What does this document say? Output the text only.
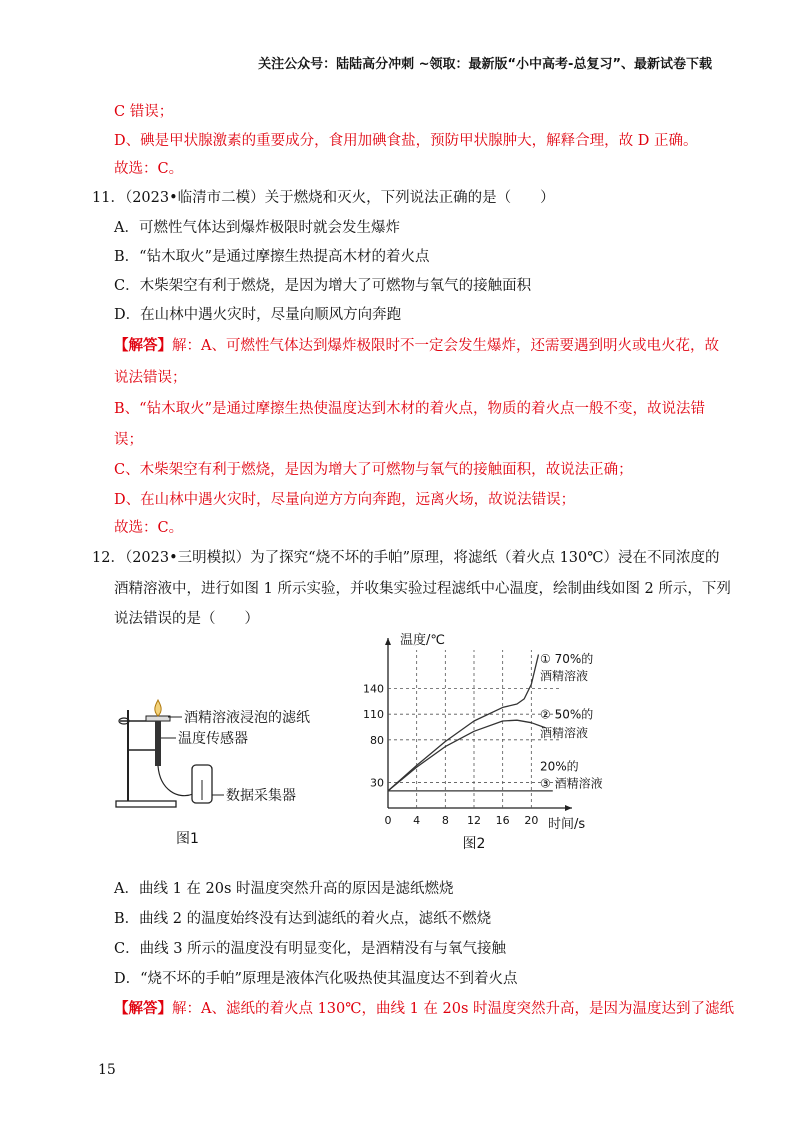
关注公众号：陆陆高分冲刺 ~领取：最新版“小中高考-总复习”、最新试卷下载
C 错误；
D、碘是甲状腺激素的重要成分，食用加碘食盐，预防甲状腺肿大，解释合理，故 D 正确。
故选：C。
11．（2023•临清市二模）关于燃烧和灭火，下列说法正确的是（　　）
A．可燃性气体达到爆炸极限时就会发生爆炸
B．“钻木取火”是通过摩擦生热提高木材的着火点
C．木柴架空有利于燃烧，是因为增大了可燃物与氧气的接触面积
D．在山林中遇火灾时，尽量向顺风方向奔跑
【解答】解：A、可燃性气体达到爆炸极限时不一定会发生爆炸，还需要遇到明火或电火花，故
说法错误；
B、“钻木取火”是通过摩擦生热使温度达到木材的着火点，物质的着火点一般不变，故说法错
误；
C、木柴架空有利于燃烧，是因为增大了可燃物与氧气的接触面积，故说法正确；
D、在山林中遇火灾时，尽量向逆方方向奔跑，远离火场，故说法错误；
故选：C。
12．（2023•三明模拟）为了探究“烧不坏的手帕”原理，将滤纸（着火点 130℃）浸在不同浓度的
酒精溶液中，进行如图 1 所示实验，并收集实验过程滤纸中心温度，绘制曲线如图 2 所示，下列
说法错误的是（　　）
酒精溶液浸泡的滤纸
温度传感器
数据采集器
图1
0 4 8 12 16 20
30
80
110
140
温度/℃
时间/s
① 70%的
酒精溶液
② 50%的
酒精溶液
20%的
③ 酒精溶液
图2
A．曲线 1 在 20s 时温度突然升高的原因是滤纸燃烧
B．曲线 2 的温度始终没有达到滤纸的着火点，滤纸不燃烧
C．曲线 3 所示的温度没有明显变化，是酒精没有与氧气接触
D．“烧不坏的手帕”原理是液体汽化吸热使其温度达不到着火点
【解答】解：A、滤纸的着火点 130℃，曲线 1 在 20s 时温度突然升高，是因为温度达到了滤纸
15
